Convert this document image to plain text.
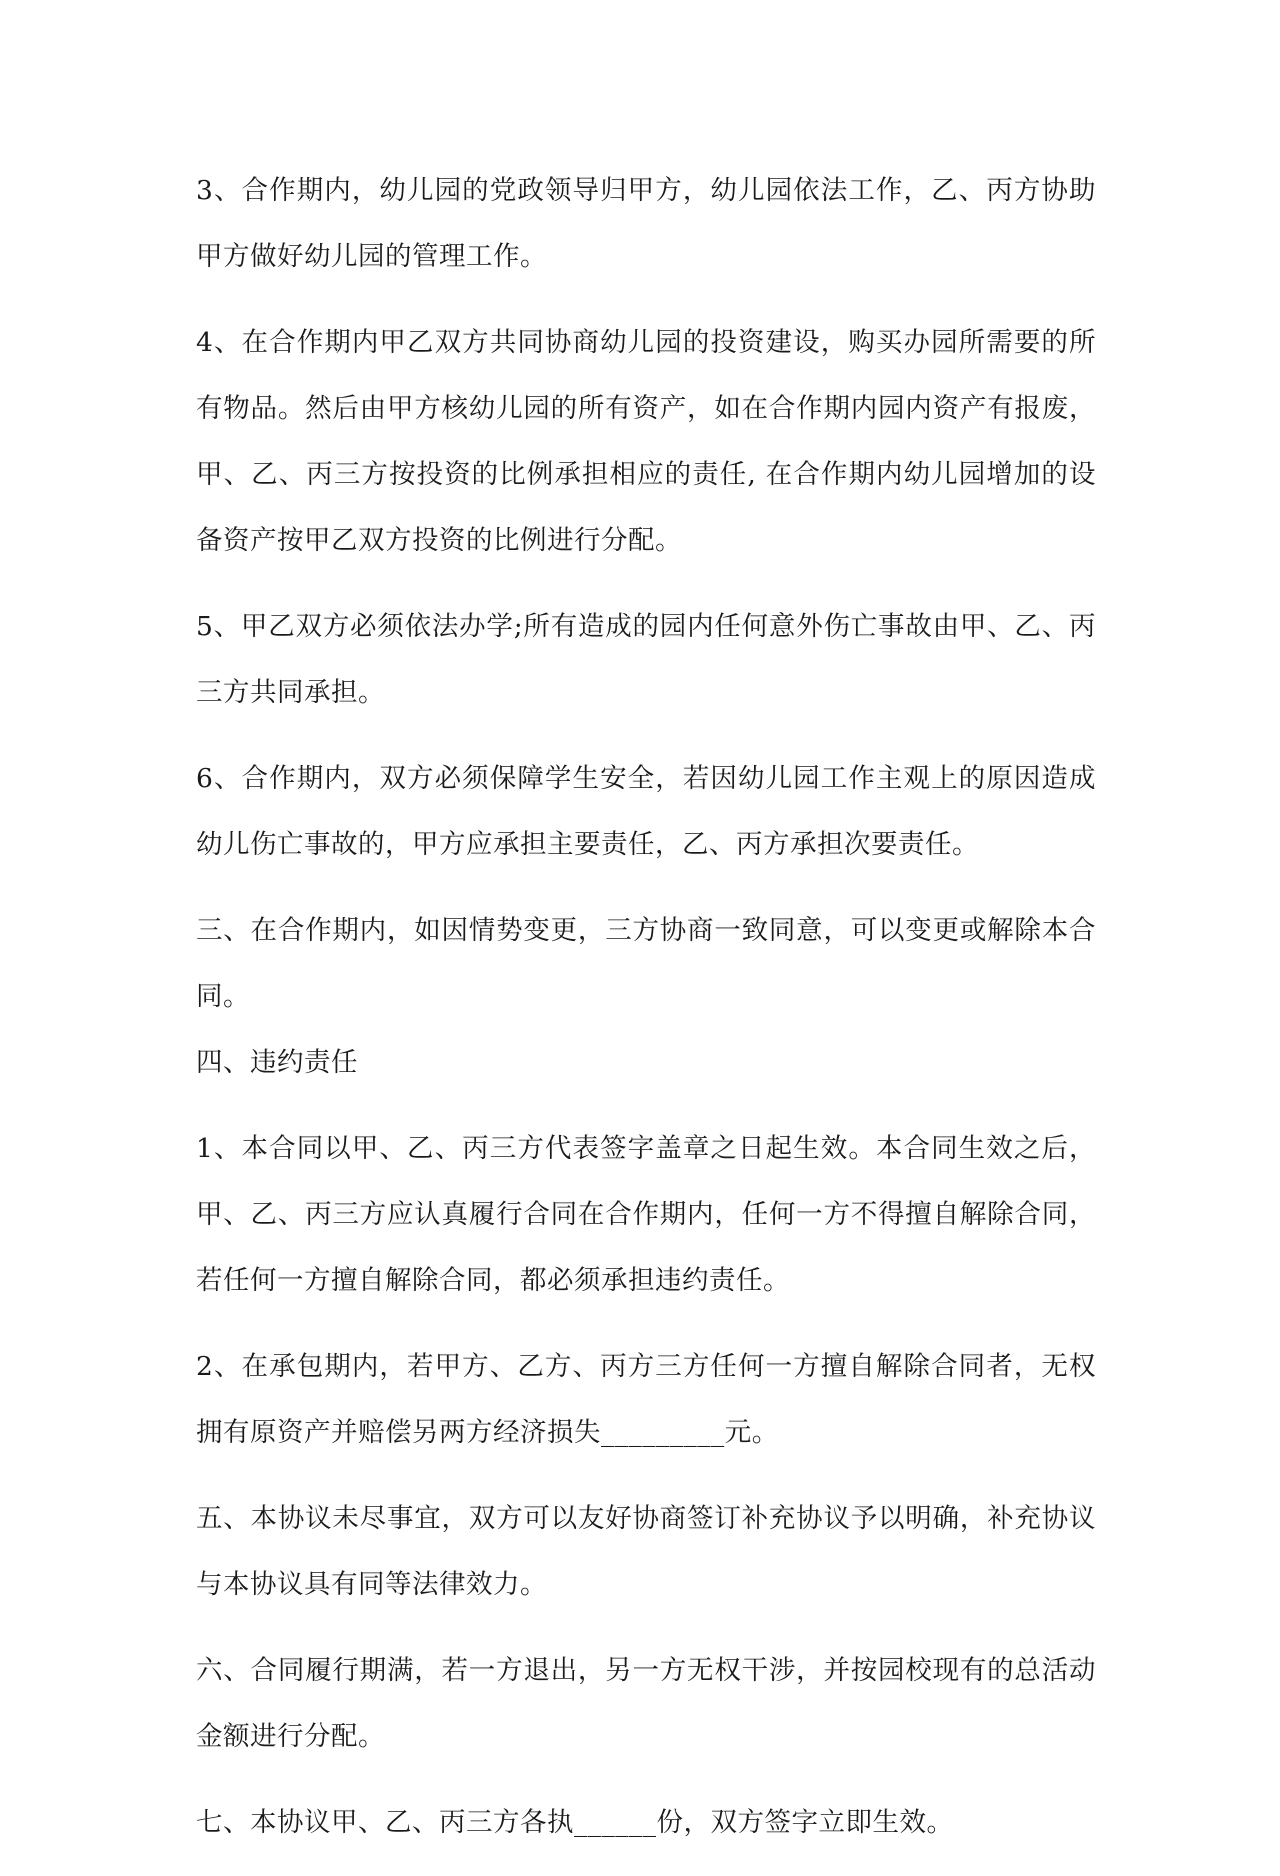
3、合作期内，幼儿园的党政领导归甲方，幼儿园依法工作，乙、丙方协助甲方做好幼儿园的管理工作。

4、在合作期内甲乙双方共同协商幼儿园的投资建设，购买办园所需要的所有物品。然后由甲方核幼儿园的所有资产，如在合作期内园内资产有报废，甲、乙、丙三方按投资的比例承担相应的责任, 在合作期内幼儿园增加的设备资产按甲乙双方投资的比例进行分配。

5、甲乙双方必须依法办学;所有造成的园内任何意外伤亡事故由甲、乙、丙三方共同承担。

6、合作期内，双方必须保障学生安全，若因幼儿园工作主观上的原因造成幼儿伤亡事故的，甲方应承担主要责任，乙、丙方承担次要责任。

三、在合作期内，如因情势变更，三方协商一致同意，可以变更或解除本合同。

四、违约责任

1、本合同以甲、乙、丙三方代表签字盖章之日起生效。本合同生效之后，甲、乙、丙三方应认真履行合同在合作期内，任何一方不得擅自解除合同，若任何一方擅自解除合同，都必须承担违约责任。

2、在承包期内，若甲方、乙方、丙方三方任何一方擅自解除合同者，无权拥有原资产并赔偿另两方经济损失_________元。

五、本协议未尽事宜，双方可以友好协商签订补充协议予以明确，补充协议与本协议具有同等法律效力。

六、合同履行期满，若一方退出，另一方无权干涉，并按园校现有的总活动金额进行分配。

七、本协议甲、乙、丙三方各执______份，双方签字立即生效。
